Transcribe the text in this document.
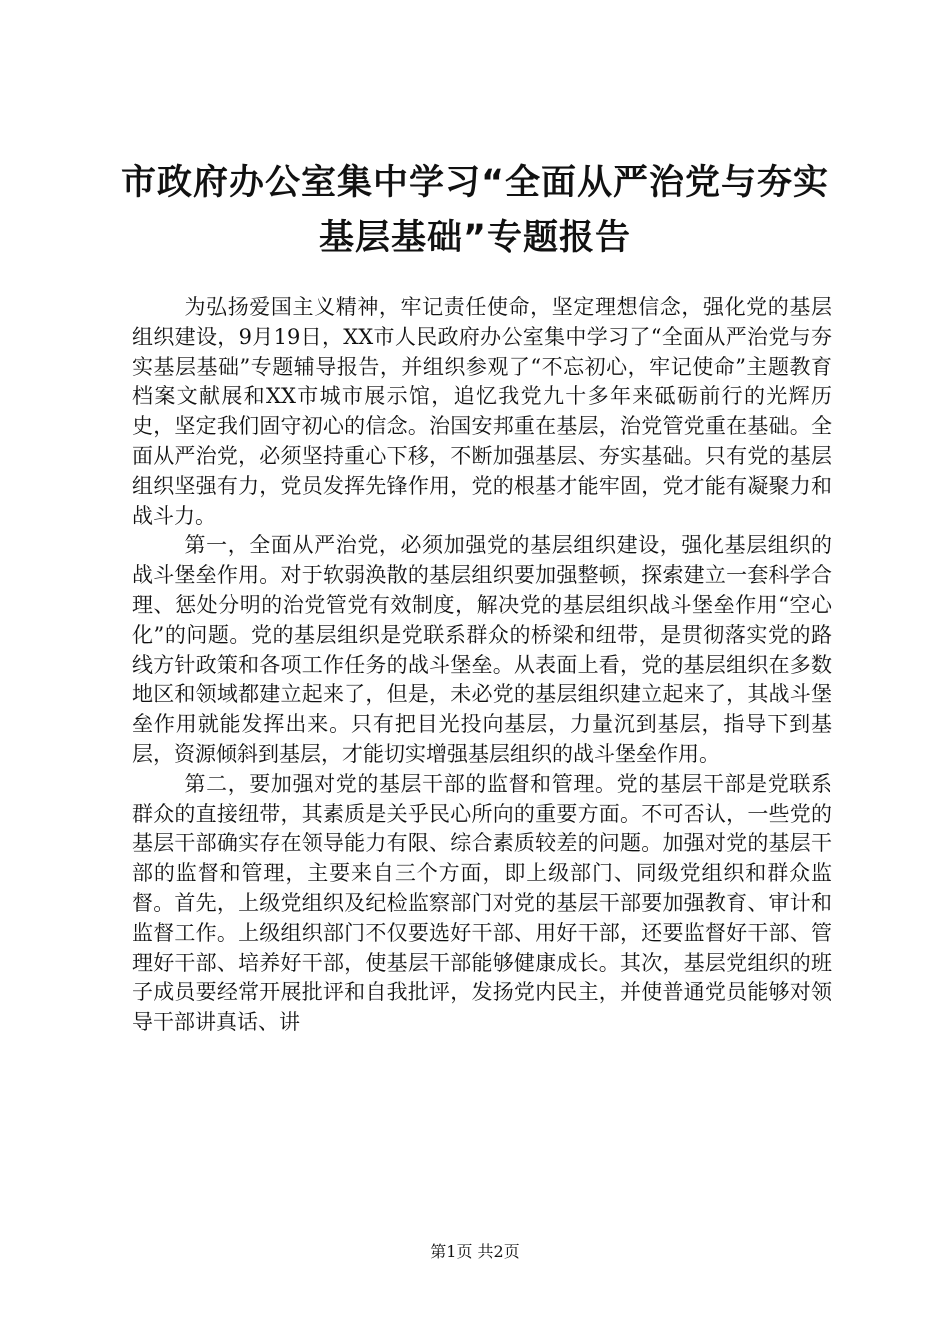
市政府办公室集中学习“全面从严治党与夯实
基层基础”专题报告

为弘扬爱国主义精神，牢记责任使命，坚定理想信念，强化党的基层组织建设，9月19日，XX市人民政府办公室集中学习了“全面从严治党与夯实基层基础”专题辅导报告，并组织参观了“不忘初心，牢记使命”主题教育档案文献展和XX市城市展示馆，追忆我党九十多年来砥砺前行的光辉历史，坚定我们固守初心的信念。治国安邦重在基层，治党管党重在基础。全面从严治党，必须坚持重心下移，不断加强基层、夯实基础。只有党的基层组织坚强有力，党员发挥先锋作用，党的根基才能牢固，党才能有凝聚力和战斗力。

第一，全面从严治党，必须加强党的基层组织建设，强化基层组织的战斗堡垒作用。对于软弱涣散的基层组织要加强整顿，探索建立一套科学合理、惩处分明的治党管党有效制度，解决党的基层组织战斗堡垒作用“空心化”的问题。党的基层组织是党联系群众的桥梁和纽带，是贯彻落实党的路线方针政策和各项工作任务的战斗堡垒。从表面上看，党的基层组织在多数地区和领域都建立起来了，但是，未必党的基层组织建立起来了，其战斗堡垒作用就能发挥出来。只有把目光投向基层，力量沉到基层，指导下到基层，资源倾斜到基层，才能切实增强基层组织的战斗堡垒作用。

第二，要加强对党的基层干部的监督和管理。党的基层干部是党联系群众的直接纽带，其素质是关乎民心所向的重要方面。不可否认，一些党的基层干部确实存在领导能力有限、综合素质较差的问题。加强对党的基层干部的监督和管理，主要来自三个方面，即上级部门、同级党组织和群众监督。首先，上级党组织及纪检监察部门对党的基层干部要加强教育、审计和监督工作。上级组织部门不仅要选好干部、用好干部，还要监督好干部、管理好干部、培养好干部，使基层干部能够健康成长。其次，基层党组织的班子成员要经常开展批评和自我批评，发扬党内民主，并使普通党员能够对领导干部讲真话、讲

第1页 共2页
